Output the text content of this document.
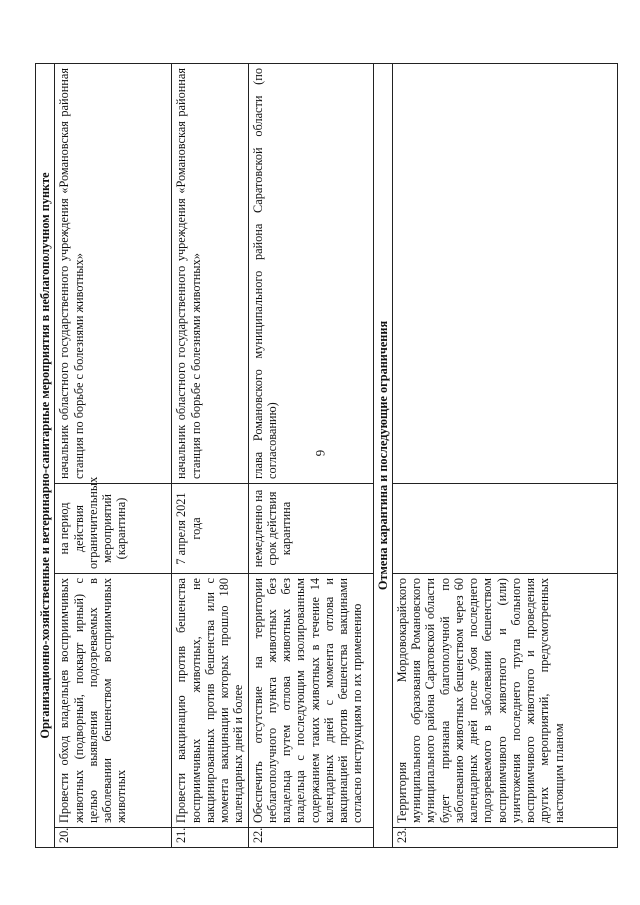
6
Организационно-хозяйственные и ветеринарно-санитарные мероприятия в неблагополучном пункте			
20.	Провести обход владельцев восприимчивых животных (подворный, покварт ирный) с целью выявления подозреваемых в заболевании бешенством восприимчивых животных	на период действия ограничительных мероприятий (карантина)	начальник областного государственного учреждения «Романовская районная станция по борьбе с болезнями животных»
21.	Провести вакцинацию против бешенства восприимчивых животных, не вакцинированных против бешенства или с момента вакцинации которых прошло 180 календарных дней и более	7 апреля 2021 года	начальник областного государственного учреждения «Романовская районная станция по борьбе с болезнями животных»
22.	Обеспечить отсутствие на территории неблагополучного пункта животных без владельца путем отлова животных без владельца с последующим изолированным содержанием таких животных в течение 14 календарных дней с момента отлова и вакцинацией против бешенства вакцинами согласно инструкциям по их применению	немедленно на срок действия карантина	глава Романовского муниципального района Саратовской области (по согласованию)
Отмена карантина и последующие ограничения			
23.	Территория Мордовокарайского муниципального образования Романовского муниципального района Саратовской области будет признана благополучной по заболеванию животных бешенством через 60 календарных дней после убоя последнего подозреваемого в заболевании бешенством восприимчивого животного и (или) уничтожения последнего трупа больного восприимчивого животного и проведения других мероприятий, предусмотренных настоящим планом		
